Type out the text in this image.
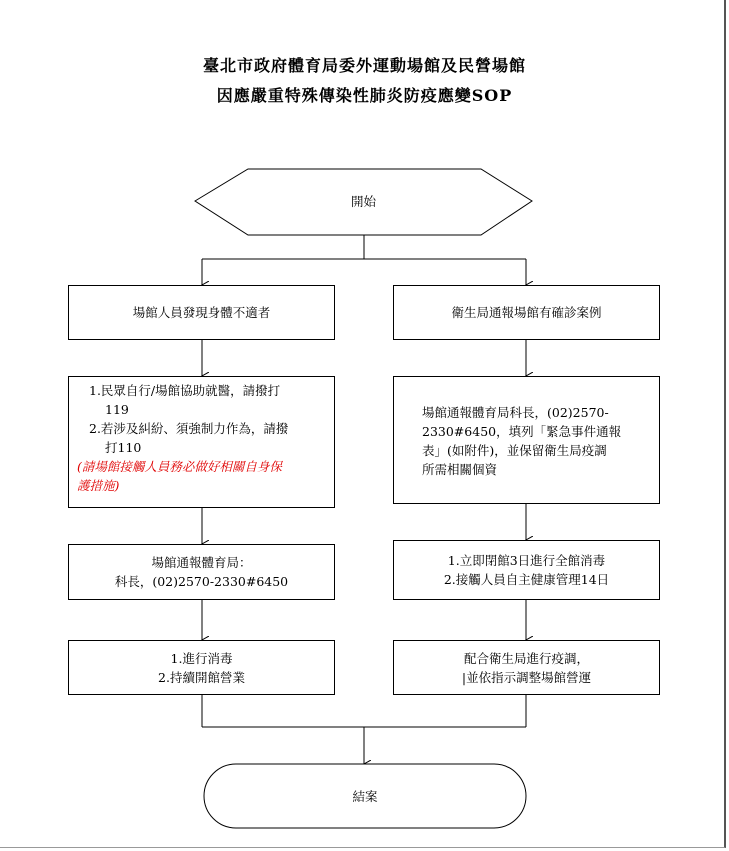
臺北市政府體育局委外運動場館及民營場館
因應嚴重特殊傳染性肺炎防疫應變SOP
開始
場館人員發現身體不適者
1.民眾自行/場館協助就醫，請撥打
119
2.若涉及糾紛、須強制力作為，請撥
打110
(請場館接觸人員務必做好相關自身保
護措施)
場館通報體育局：
科長，(02)2570-2330#6450
1.進行消毒
2.持續開館營業
衛生局通報場館有確診案例
場館通報體育局科長，(02)2570-
2330#6450，填列「緊急事件通報
表」(如附件)，並保留衛生局疫調
所需相關個資
1.立即閉館3日進行全館消毒
2.接觸人員自主健康管理14日
配合衛生局進行疫調，
|並依指示調整場館營運
結案
